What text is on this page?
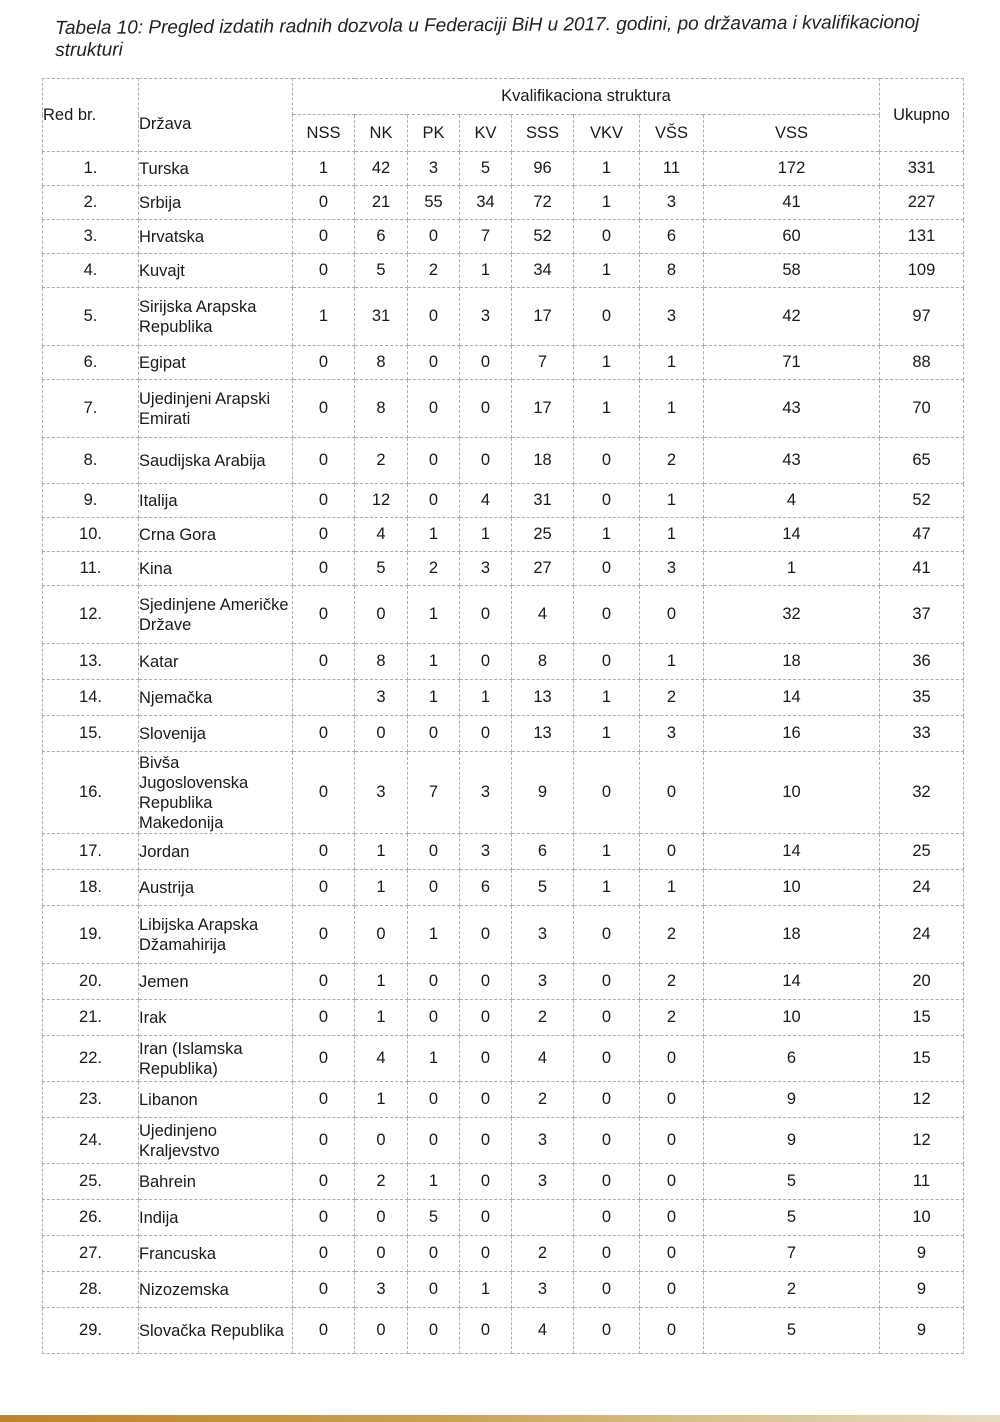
Tabela 10: Pregled izdatih radnih dozvola u Federaciji BiH u 2017. godini, po državama i kvalifikacionoj strukturi
Red br.	Država	Kvalifikaciona struktura								Ukupno
		NSS	NK	PK	KV	SSS	VKV	VŠS	VSS	
1.	Turska	1	42	3	5	96	1	11	172	331
2.	Srbija	0	21	55	34	72	1	3	41	227
3.	Hrvatska	0	6	0	7	52	0	6	60	131
4.	Kuvajt	0	5	2	1	34	1	8	58	109
5.	Sirijska Arapska Republika	1	31	0	3	17	0	3	42	97
6.	Egipat	0	8	0	0	7	1	1	71	88
7.	Ujedinjeni Arapski Emirati	0	8	0	0	17	1	1	43	70
8.	Saudijska Arabija	0	2	0	0	18	0	2	43	65
9.	Italija	0	12	0	4	31	0	1	4	52
10.	Crna Gora	0	4	1	1	25	1	1	14	47
11.	Kina	0	5	2	3	27	0	3	1	41
12.	Sjedinjene Američke Države	0	0	1	0	4	0	0	32	37
13.	Katar	0	8	1	0	8	0	1	18	36
14.	Njemačka		3	1	1	13	1	2	14	35
15.	Slovenija	0	0	0	0	13	1	3	16	33
16.	Bivša Jugoslovenska Republika Makedonija	0	3	7	3	9	0	0	10	32
17.	Jordan	0	1	0	3	6	1	0	14	25
18.	Austrija	0	1	0	6	5	1	1	10	24
19.	Libijska Arapska Džamahirija	0	0	1	0	3	0	2	18	24
20.	Jemen	0	1	0	0	3	0	2	14	20
21.	Irak	0	1	0	0	2	0	2	10	15
22.	Iran (Islamska Republika)	0	4	1	0	4	0	0	6	15
23.	Libanon	0	1	0	0	2	0	0	9	12
24.	Ujedinjeno Kraljevstvo	0	0	0	0	3	0	0	9	12
25.	Bahrein	0	2	1	0	3	0	0	5	11
26.	Indija	0	0	5	0		0	0	5	10
27.	Francuska	0	0	0	0	2	0	0	7	9
28.	Nizozemska	0	3	0	1	3	0	0	2	9
29.	Slovačka Republika	0	0	0	0	4	0	0	5	9
